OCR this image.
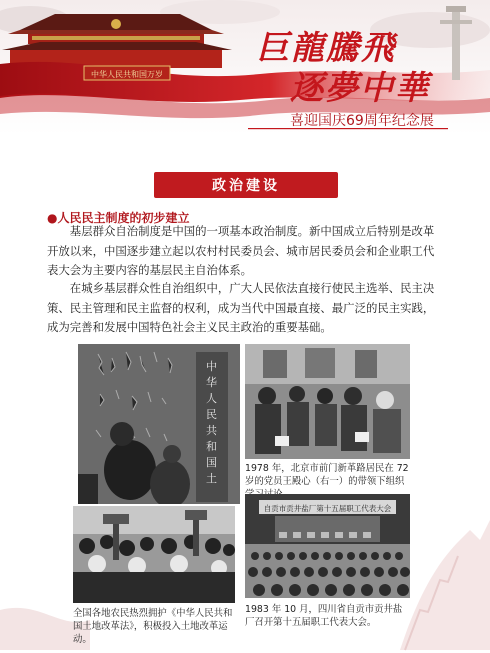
中华人民共和国万岁
巨龍騰飛
逐夢中華
喜迎国庆69周年纪念展
政治建设
●人民民主制度的初步建立

基层群众自治制度是中国的一项基本政治制度。新中国成立后特别是改革开放以来，中国逐步建立起以农村村民委员会、城市居民委员会和企业职工代表大会为主要内容的基层民主自治体系。

在城乡基层群众性自治组织中，广大人民依法直接行使民主选举、民主决策、民主管理和民主监督的权利，成为当代中国最直接、最广泛的民主实践，成为完善和发展中国特色社会主义民主政治的重要基础。

中
华
人
民
共
和
国
土

1978 年，北京市前门新革路居民在 72 岁的党员王殿心（右一）的带领下组织

全国各地农民热烈拥护《中华人民共和国土地改革法》，积极投入土地改革运动。

自贡市贡井盐厂第十五届职工代表大会

1983 年 10 月，四川省自贡市贡井盐厂召开第十五届职工代表大会。
